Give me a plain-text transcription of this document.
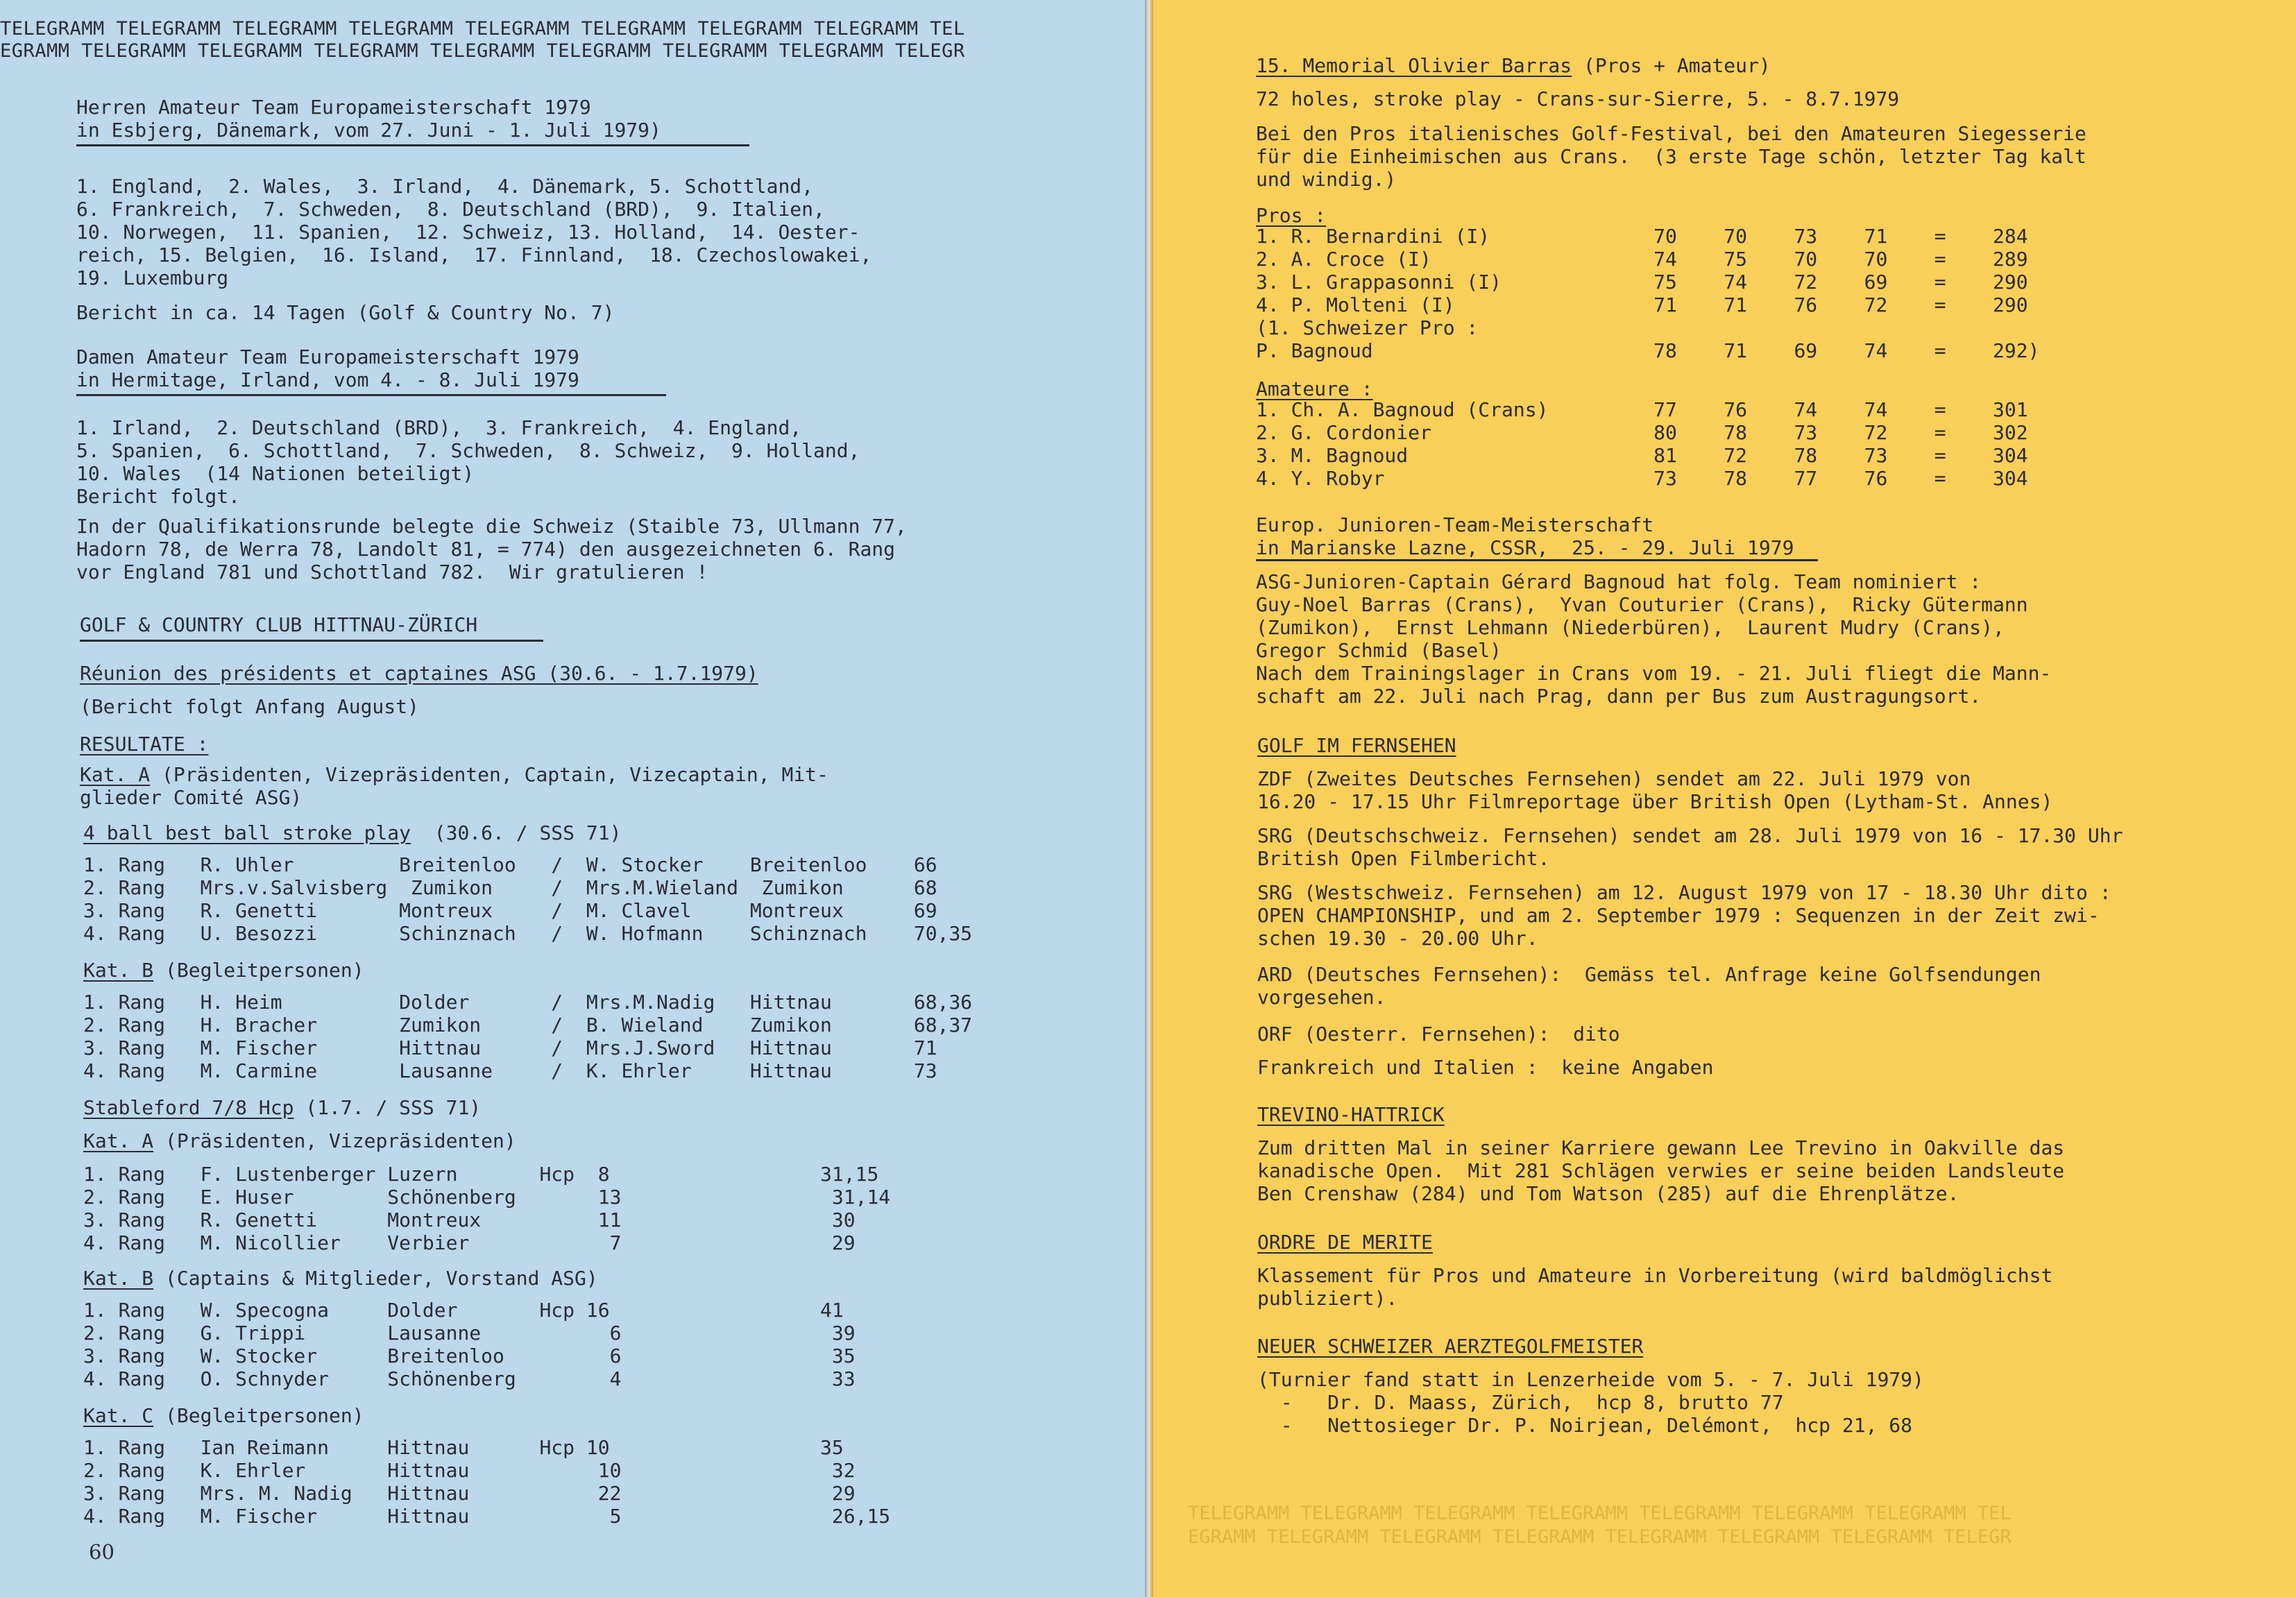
TELEGRAMM TELEGRAMM TELEGRAMM TELEGRAMM TELEGRAMM TELEGRAMM TELEGRAMM TELEGRAMM TEL
EGRAMM TELEGRAMM TELEGRAMM TELEGRAMM TELEGRAMM TELEGRAMM TELEGRAMM TELEGRAMM TELEGR
Herren Amateur Team Europameisterschaft 1979
in Esbjerg, Dänemark, vom 27. Juni - 1. Juli 1979)
1. England,  2. Wales,  3. Irland,  4. Dänemark, 5. Schottland,
6. Frankreich,  7. Schweden,  8. Deutschland (BRD),  9. Italien,
10. Norwegen,  11. Spanien,  12. Schweiz, 13. Holland,  14. Oester-
reich, 15. Belgien,  16. Island,  17. Finnland,  18. Czechoslowakei,
19. Luxemburg
Bericht in ca. 14 Tagen (Golf & Country No. 7)
Damen Amateur Team Europameisterschaft 1979
in Hermitage, Irland, vom 4. - 8. Juli 1979
1. Irland,  2. Deutschland (BRD),  3. Frankreich,  4. England,
5. Spanien,  6. Schottland,  7. Schweden,  8. Schweiz,  9. Holland,
10. Wales  (14 Nationen beteiligt)
Bericht folgt.
In der Qualifikationsrunde belegte die Schweiz (Staible 73, Ullmann 77,
Hadorn 78, de Werra 78, Landolt 81, = 774) den ausgezeichneten 6. Rang
vor England 781 und Schottland 782.  Wir gratulieren !
GOLF & COUNTRY CLUB HITTNAU-ZÜRICH
Réunion des présidents et captaines ASG (30.6. - 1.7.1979)
(Bericht folgt Anfang August)
RESULTATE :
Kat. A (Präsidenten, Vizepräsidenten, Captain, Vizecaptain, Mit-
glieder Comité ASG)
4 ball best ball stroke play  (30.6. / SSS 71)
1. Rang   R. Uhler         Breitenloo   /  W. Stocker    Breitenloo    66
2. Rang   Mrs.v.Salvisberg  Zumikon     /  Mrs.M.Wieland  Zumikon      68
3. Rang   R. Genetti       Montreux     /  M. Clavel     Montreux      69
4. Rang   U. Besozzi       Schinznach   /  W. Hofmann    Schinznach    70,35
Kat. B (Begleitpersonen)
1. Rang   H. Heim          Dolder       /  Mrs.M.Nadig   Hittnau       68,36
2. Rang   H. Bracher       Zumikon      /  B. Wieland    Zumikon       68,37
3. Rang   M. Fischer       Hittnau      /  Mrs.J.Sword   Hittnau       71
4. Rang   M. Carmine       Lausanne     /  K. Ehrler     Hittnau       73
Stableford 7/8 Hcp (1.7. / SSS 71)
Kat. A (Präsidenten, Vizepräsidenten)
1. Rang   F. Lustenberger Luzern       Hcp  8                  31,15
2. Rang   E. Huser        Schönenberg       13                  31,14
3. Rang   R. Genetti      Montreux          11                  30
4. Rang   M. Nicollier    Verbier            7                  29
Kat. B (Captains & Mitglieder, Vorstand ASG)
1. Rang   W. Specogna     Dolder       Hcp 16                  41
2. Rang   G. Trippi       Lausanne           6                  39
3. Rang   W. Stocker      Breitenloo         6                  35
4. Rang   O. Schnyder     Schönenberg        4                  33
Kat. C (Begleitpersonen)
1. Rang   Ian Reimann     Hittnau      Hcp 10                  35
2. Rang   K. Ehrler       Hittnau           10                  32
3. Rang   Mrs. M. Nadig   Hittnau           22                  29
4. Rang   M. Fischer      Hittnau            5                  26,15
60
TELEGRAMM TELEGRAMM TELEGRAMM TELEGRAMM TELEGRAMM TELEGRAMM TELEGRAMM TEL
EGRAMM TELEGRAMM TELEGRAMM TELEGRAMM TELEGRAMM TELEGRAMM TELEGRAMM TELEGR
15. Memorial Olivier Barras (Pros + Amateur)
72 holes, stroke play - Crans-sur-Sierre, 5. - 8.7.1979
Bei den Pros italienisches Golf-Festival, bei den Amateuren Siegesserie
für die Einheimischen aus Crans.  (3 erste Tage schön, letzter Tag kalt
und windig.)
Pros :
1. R. Bernardini (I)              70    70    73    71    =    284
2. A. Croce (I)                   74    75    70    70    =    289
3. L. Grappasonni (I)             75    74    72    69    =    290
4. P. Molteni (I)                 71    71    76    72    =    290
(1. Schweizer Pro :
P. Bagnoud                        78    71    69    74    =    292)
Amateure :
1. Ch. A. Bagnoud (Crans)         77    76    74    74    =    301
2. G. Cordonier                   80    78    73    72    =    302
3. M. Bagnoud                     81    72    78    73    =    304
4. Y. Robyr                       73    78    77    76    =    304
Europ. Junioren-Team-Meisterschaft
in Marianske Lazne, CSSR,  25. - 29. Juli 1979
ASG-Junioren-Captain Gérard Bagnoud hat folg. Team nominiert :
Guy-Noel Barras (Crans),  Yvan Couturier (Crans),  Ricky Gütermann
(Zumikon),  Ernst Lehmann (Niederbüren),  Laurent Mudry (Crans),
Gregor Schmid (Basel)
Nach dem Trainingslager in Crans vom 19. - 21. Juli fliegt die Mann-
schaft am 22. Juli nach Prag, dann per Bus zum Austragungsort.
GOLF IM FERNSEHEN
ZDF (Zweites Deutsches Fernsehen) sendet am 22. Juli 1979 von
16.20 - 17.15 Uhr Filmreportage über British Open (Lytham-St. Annes)
SRG (Deutschschweiz. Fernsehen) sendet am 28. Juli 1979 von 16 - 17.30 Uhr
British Open Filmbericht.
SRG (Westschweiz. Fernsehen) am 12. August 1979 von 17 - 18.30 Uhr dito :
OPEN CHAMPIONSHIP, und am 2. September 1979 : Sequenzen in der Zeit zwi-
schen 19.30 - 20.00 Uhr.
ARD (Deutsches Fernsehen):  Gemäss tel. Anfrage keine Golfsendungen
vorgesehen.
ORF (Oesterr. Fernsehen):  dito
Frankreich und Italien :  keine Angaben
TREVINO-HATTRICK
Zum dritten Mal in seiner Karriere gewann Lee Trevino in Oakville das
kanadische Open.  Mit 281 Schlägen verwies er seine beiden Landsleute
Ben Crenshaw (284) und Tom Watson (285) auf die Ehrenplätze.
ORDRE DE MERITE
Klassement für Pros und Amateure in Vorbereitung (wird baldmöglichst
publiziert).
NEUER SCHWEIZER AERZTEGOLFMEISTER
(Turnier fand statt in Lenzerheide vom 5. - 7. Juli 1979)
-   Dr. D. Maass, Zürich,  hcp 8, brutto 77
-   Nettosieger Dr. P. Noirjean, Delémont,  hcp 21, 68
